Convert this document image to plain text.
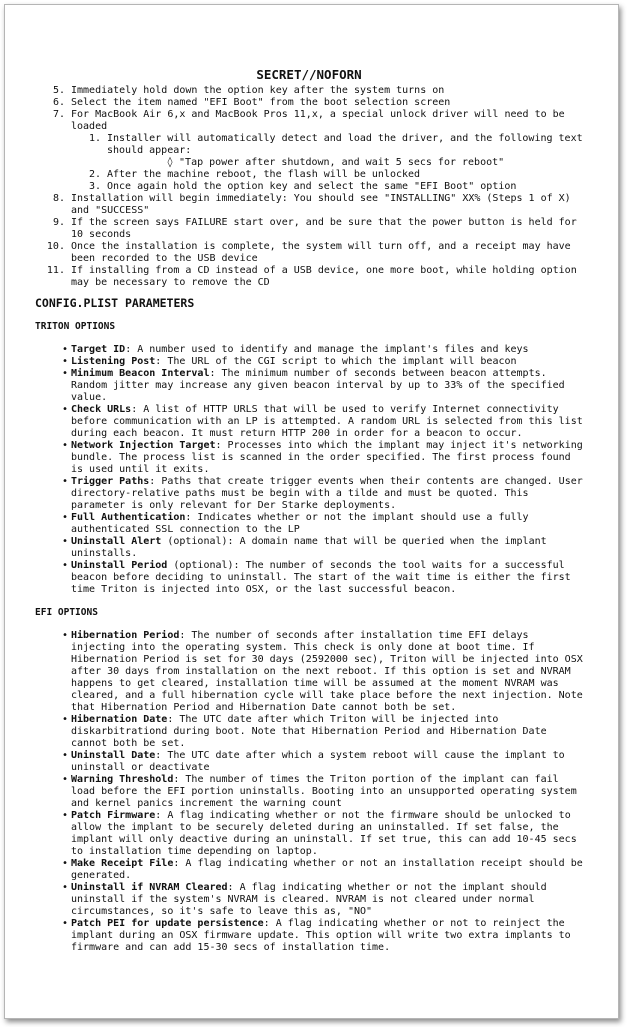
SECRET//NOFORN
5. Immediately hold down the option key after the system turns on
6. Select the item named "EFI Boot" from the boot selection screen
7. For MacBook Air 6,x and MacBook Pros 11,x, a special unlock driver will need to be loaded
1. Installer will automatically detect and load the driver, and the following text should appear:
◊ "Tap power after shutdown, and wait 5 secs for reboot"
2. After the machine reboot, the flash will be unlocked
3. Once again hold the option key and select the same "EFI Boot" option
8. Installation will begin immediately: You should see "INSTALLING" XX% (Steps 1 of X) and "SUCCESS"
9. If the screen says FAILURE start over, and be sure that the power button is held for 10 seconds
10. Once the installation is complete, the system will turn off, and a receipt may have been recorded to the USB device
11. If installing from a CD instead of a USB device, one more boot, while holding option may be necessary to remove the CD
CONFIG.PLIST PARAMETERS
TRITON OPTIONS
• Target ID: A number used to identify and manage the implant's files and keys
• Listening Post: The URL of the CGI script to which the implant will beacon
• Minimum Beacon Interval: The minimum number of seconds between beacon attempts. Random jitter may increase any given beacon interval by up to 33% of the specified value.
• Check URLs: A list of HTTP URLS that will be used to verify Internet connectivity before communication with an LP is attempted. A random URL is selected from this list during each beacon. It must return HTTP 200 in order for a beacon to occur.
• Network Injection Target: Processes into which the implant may inject it's networking bundle. The process list is scanned in the order specified. The first process found is used until it exits.
• Trigger Paths: Paths that create trigger events when their contents are changed. User directory-relative paths must be begin with a tilde and must be quoted. This parameter is only relevant for Der Starke deployments.
• Full Authentication: Indicates whether or not the implant should use a fully authenticated SSL connection to the LP
• Uninstall Alert (optional): A domain name that will be queried when the implant uninstalls.
• Uninstall Period (optional): The number of seconds the tool waits for a successful beacon before deciding to uninstall. The start of the wait time is either the first time Triton is injected into OSX, or the last successful beacon.
EFI OPTIONS
• Hibernation Period: The number of seconds after installation time EFI delays injecting into the operating system. This check is only done at boot time. If Hibernation Period is set for 30 days (2592000 sec), Triton will be injected into OSX after 30 days from installation on the next reboot. If this option is set and NVRAM happens to get cleared, installation time will be assumed at the moment NVRAM was cleared, and a full hibernation cycle will take place before the next injection. Note that Hibernation Period and Hibernation Date cannot both be set.
• Hibernation Date: The UTC date after which Triton will be injected into diskarbitrationd during boot. Note that Hibernation Period and Hibernation Date cannot both be set.
• Uninstall Date: The UTC date after which a system reboot will cause the implant to uninstall or deactivate
• Warning Threshold: The number of times the Triton portion of the implant can fail load before the EFI portion uninstalls. Booting into an unsupported operating system and kernel panics increment the warning count
• Patch Firmware: A flag indicating whether or not the firmware should be unlocked to allow the implant to be securely deleted during an uninstalled. If set false, the implant will only deactive during an uninstall. If set true, this can add 10-45 secs to installation time depending on laptop.
• Make Receipt File: A flag indicating whether or not an installation receipt should be generated.
• Uninstall if NVRAM Cleared: A flag indicating whether or not the implant should uninstall if the system's NVRAM is cleared. NVRAM is not cleared under normal circumstances, so it's safe to leave this as, "NO"
• Patch PEI for update persistence: A flag indicating whether or not to reinject the implant during an OSX firmware update. This option will write two extra implants to firmware and can add 15-30 secs of installation time.
